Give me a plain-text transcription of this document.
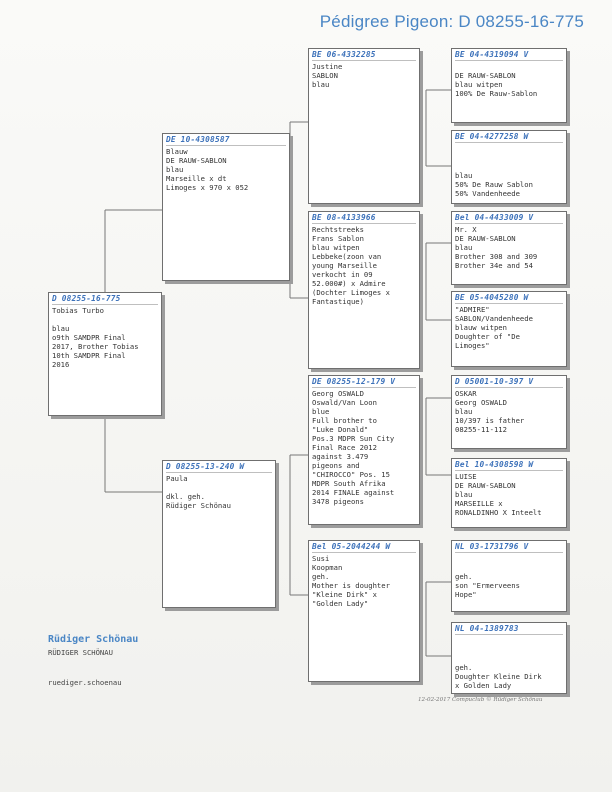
Pédigree Pigeon: D 08255-16-775
D 08255-16-775
Tobias Turbo
blau
o9th SAMDPR Final
2017, Brother Tobias
10th SAMDPR Final
2016
DE 10-4308587
Blauw
DE RAUW-SABLON
blau
Marseille x dt
Limoges x 970 x 052
D 08255-13-240 W
Paula
dkl. geh.
Rüdiger Schönau
BE 06-4332285
Justine
SABLON
blau
BE 08-4133966
Rechtstreeks
Frans Sablon
blau witpen
Lebbeke(zoon van
young Marseille
verkocht in 09
52.000#) x Admire
(Dochter Limoges x
Fantastique)
DE 08255-12-179 V
Georg OSWALD
Oswald/Van Loon
blue
Full brother to
"Luke Donald"
Pos.3 MDPR Sun City
Final Race 2012
against 3.479
pigeons and
"CHIROCCO" Pos. 15
MDPR South Afrika
2014 FINALE against
3478 pigeons
Bel 05-2044244 W
Susi
Koopman
geh.
Mother is doughter
"Kleine Dirk" x
"Golden Lady"
BE 04-4319094 V
DE RAUW-SABLON
blau witpen
100% De Rauw-Sablon
BE 04-4277258 W
blau
50% De Rauw Sablon
50% Vandenheede
Bel 04-4433009 V
Mr. X
DE RAUW-SABLON
blau
Brother 308 and 309
Brother 34e and 54
BE 05-4045280 W
"ADMIRE"
SABLON/Vandenheede
blauw witpen
Doughter of "De
Limoges"
D 05001-10-397 V
OSKAR
Georg OSWALD
blau
10/397 is father
08255-11-112
Bel 10-4308598 W
LUISE
DE RAUW-SABLON
blau
MARSEILLE x
RONALDINHO X Inteelt
NL 03-1731796 V
geh.
son "Ermerveens
Hope"
NL 04-1389783
geh.
Doughter Kleine Dirk
x Golden Lady
Rüdiger Schönau
RÜDIGER SCHÖNAU
ruediger.schoenau
12-02-2017 Compuclub © Rüdiger Schönau
